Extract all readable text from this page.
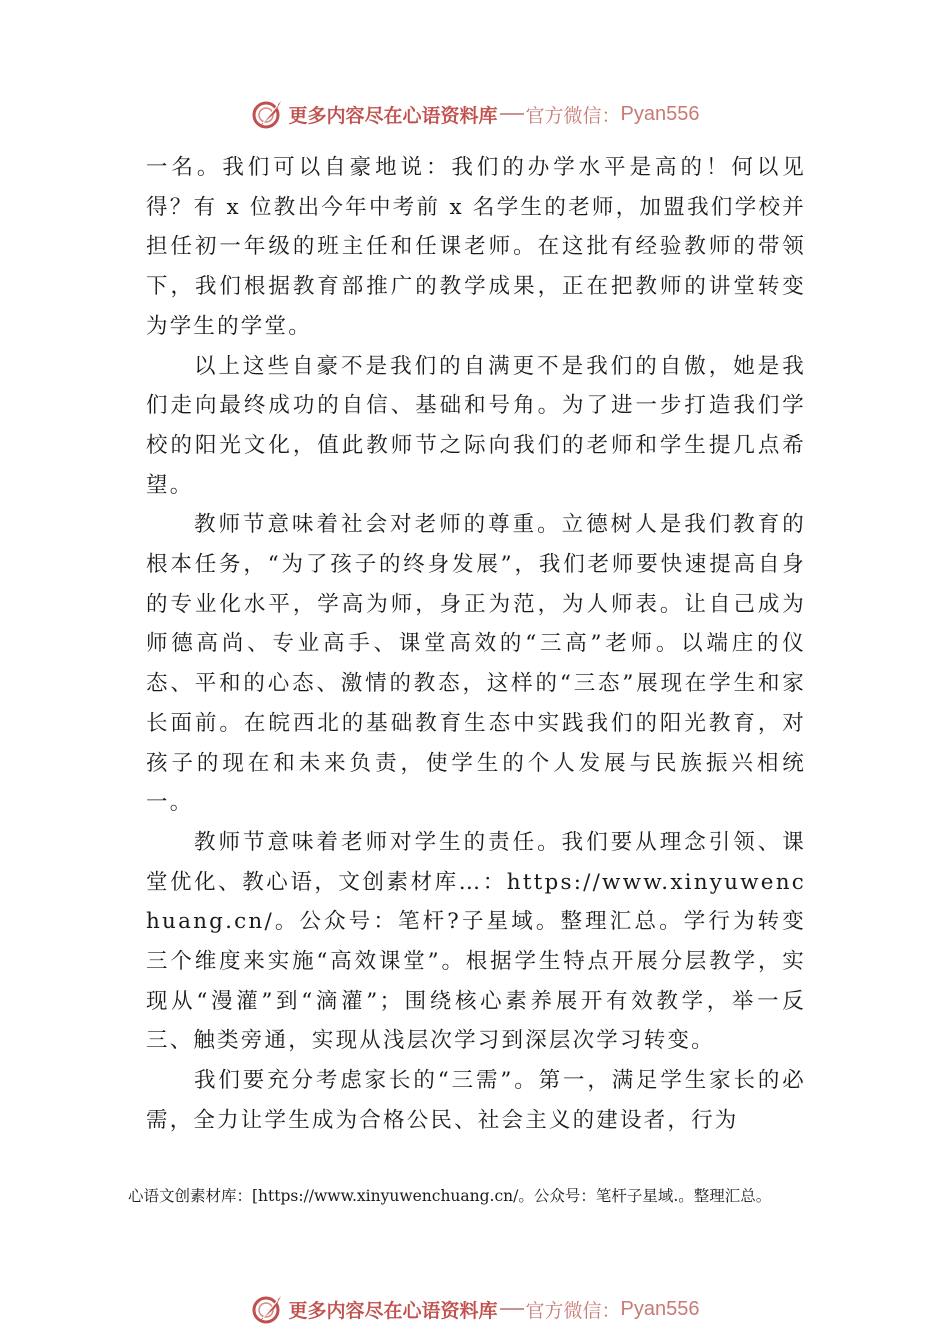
更多内容尽在心语资料库 官方微信： Pyan556

一名。我们可以自豪地说：我们的办学水平是高的！何以见得？有 x 位教出今年中考前 x 名学生的老师，加盟我们学校并担任初一年级的班主任和任课老师。在这批有经验教师的带领下，我们根据教育部推广的教学成果，正在把教师的讲堂转变为学生的学堂。

以上这些自豪不是我们的自满更不是我们的自傲，她是我们走向最终成功的自信、基础和号角。为了进一步打造我们学校的阳光文化，值此教师节之际向我们的老师和学生提几点希望。

教师节意味着社会对老师的尊重。立德树人是我们教育的根本任务，“为了孩子的终身发展”，我们老师要快速提高自身的专业化水平，学高为师，身正为范，为人师表。让自己成为师德高尚、专业高手、课堂高效的“三高”老师。以端庄的仪态、平和的心态、激情的教态，这样的“三态”展现在学生和家长面前。在皖西北的基础教育生态中实践我们的阳光教育，对孩子的现在和未来负责，使学生的个人发展与民族振兴相统一。

教师节意味着老师对学生的责任。我们要从理念引领、课堂优化、教心语，文创素材库…：https://www.xinyuwenchuang.cn/。公众号：笔杆?子星域。整理汇总。学行为转变三个维度来实施“高效课堂”。根据学生特点开展分层教学，实现从“漫灌”到“滴灌”；围绕核心素养展开有效教学，举一反三、触类旁通，实现从浅层次学习到深层次学习转变。

我们要充分考虑家长的“三需”。第一，满足学生家长的必需，全力让学生成为合格公民、社会主义的建设者，行为

心语文创素材库：[https://www.xinyuwenchuang.cn/。公众号：笔杆子星域.。整理汇总。
更多内容尽在心语资料库 官方微信： Pyan556
